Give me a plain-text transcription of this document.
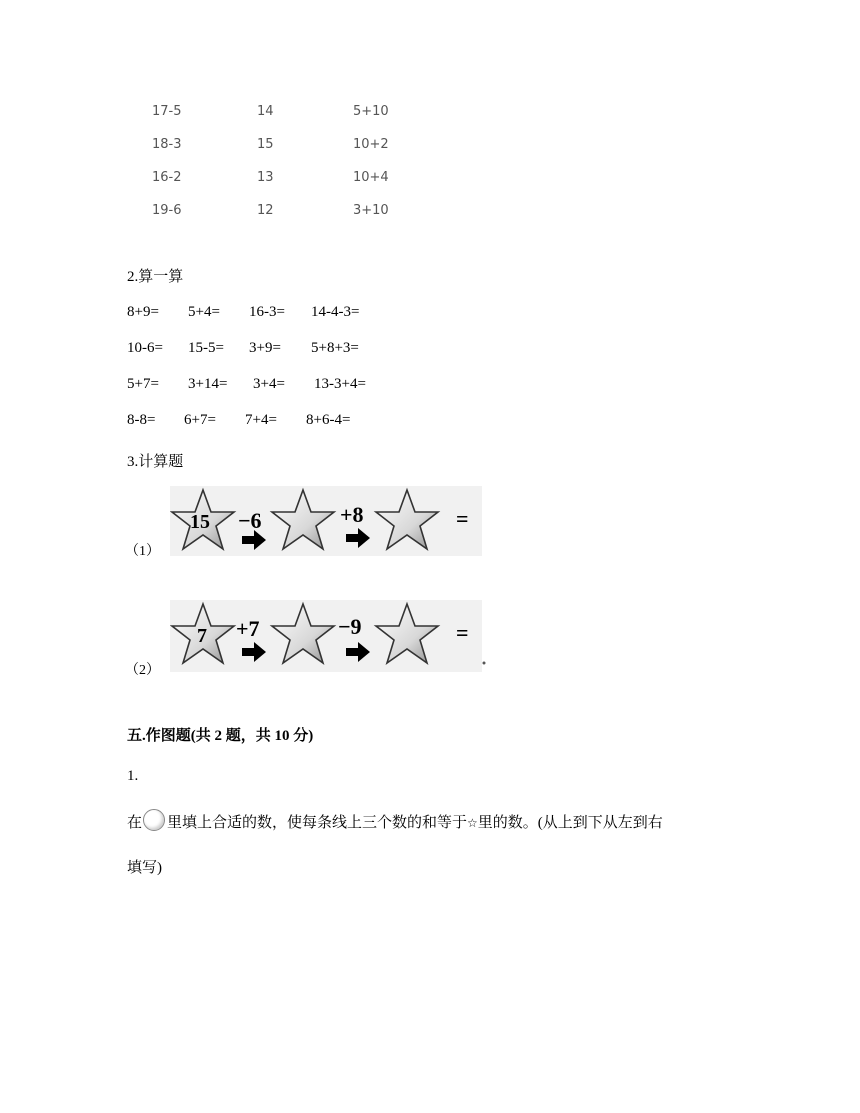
17-5	14	5+10
18-3	15	10+2
16-2	13	10+4
19-6	12	3+10
2.算一算
8+9= 5+4= 16-3= 14-4-3=
10-6= 15-5= 3+9= 5+8+3=
5+7= 3+14= 3+4= 13-3+4=
8-8= 6+7= 7+4= 8+6-4=
3.计算题
（1）
15 −6	+8	=
（2）
7 +7	−9	=
五.作图题(共 2 题，共 10 分)
1.
在 里填上合适的数，使每条线上三个数的和等于☆里的数。(从上到下从左到右
填写)
